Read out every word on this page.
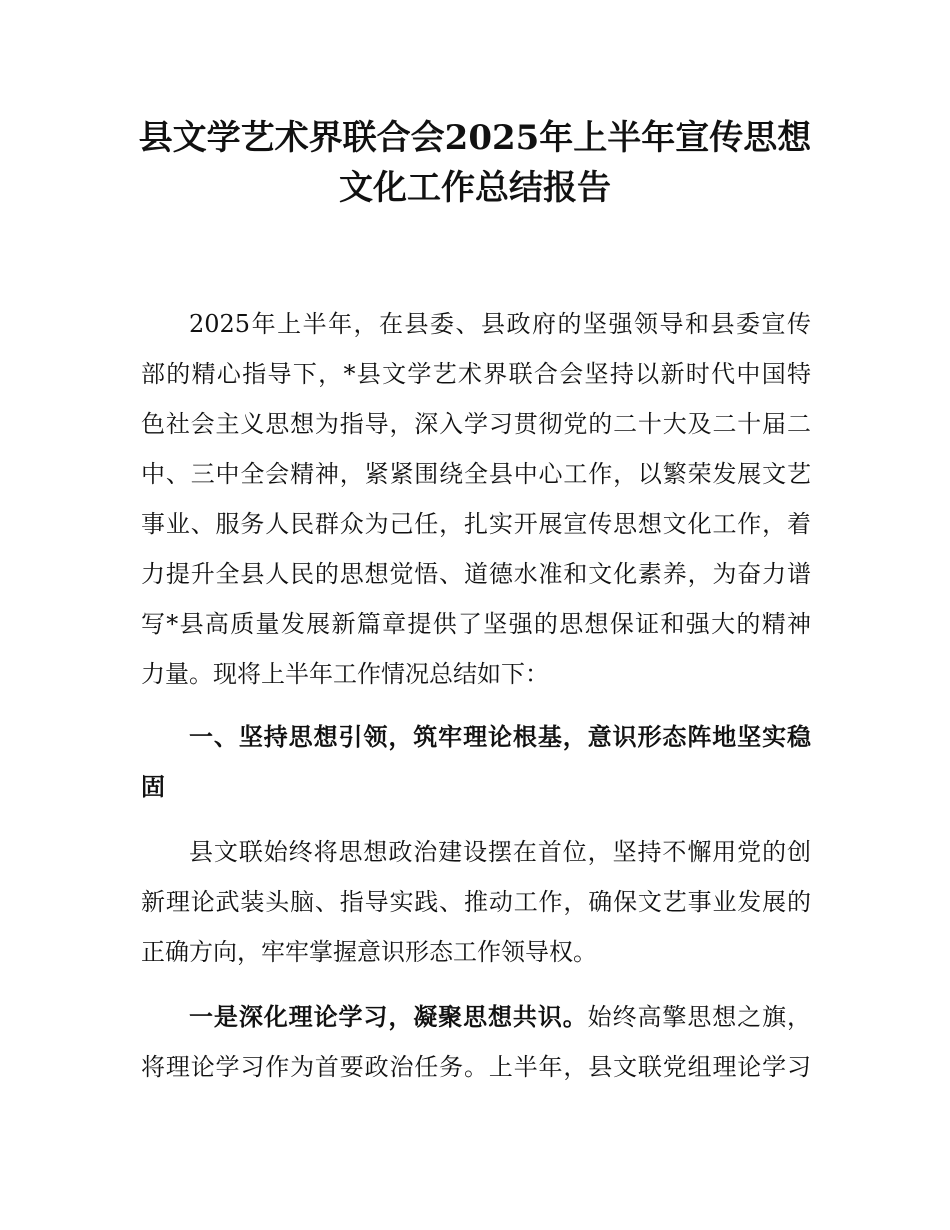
县文学艺术界联合会2025年上半年宣传思想
文化工作总结报告

2025年上半年，在县委、县政府的坚强领导和县委宣传

部的精心指导下，*县文学艺术界联合会坚持以新时代中国特

色社会主义思想为指导，深入学习贯彻党的二十大及二十届二

中、三中全会精神，紧紧围绕全县中心工作，以繁荣发展文艺

事业、服务人民群众为己任，扎实开展宣传思想文化工作，着

力提升全县人民的思想觉悟、道德水准和文化素养，为奋力谱

写*县高质量发展新篇章提供了坚强的思想保证和强大的精神

力量。现将上半年工作情况总结如下：

一、坚持思想引领，筑牢理论根基，意识形态阵地坚实稳
固

县文联始终将思想政治建设摆在首位，坚持不懈用党的创

新理论武装头脑、指导实践、推动工作，确保文艺事业发展的

正确方向，牢牢掌握意识形态工作领导权。

一是深化理论学习，凝聚思想共识。始终高擎思想之旗，

将理论学习作为首要政治任务。上半年，县文联党组理论学习
